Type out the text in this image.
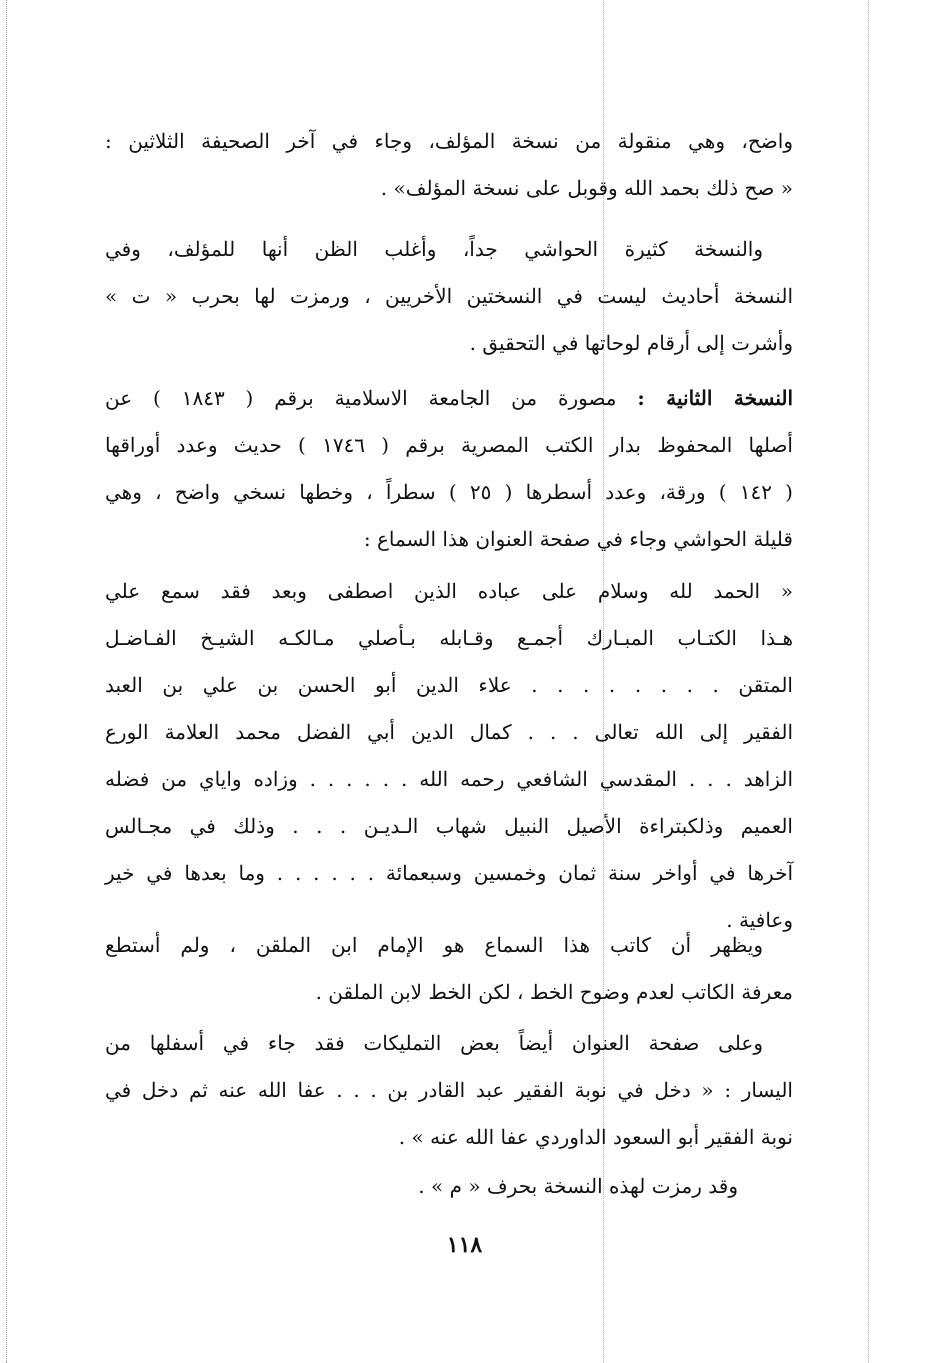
واضح، وهي منقولة من نسخة المؤلف، وجاء في آخر الصحيفة الثلاثين :
« صح ذلك بحمد الله وقوبل على نسخة المؤلف» .

والنسخة كثيرة الحواشي جداً، وأغلب الظن أنها للمؤلف، وفي
النسخة أحاديث ليست في النسختين الأخريين ، ورمزت لها بحرب « ت »
وأشرت إلى أرقام لوحاتها في التحقيق .

النسخة الثانية : مصورة من الجامعة الاسلامية برقم ( ١٨٤٣ ) عن
أصلها المحفوظ بدار الكتب المصرية برقم ( ١٧٤٦ ) حديث وعدد أوراقها
( ١٤٢ ) ورقة، وعدد أسطرها ( ٢٥ ) سطراً ، وخطها نسخي واضح ، وهي
قليلة الحواشي وجاء في صفحة العنوان هذا السماع :

« الحمد لله وسلام على عباده الذين اصطفى وبعد فقد سمع علي
هـذا الكتـاب المبـارك أجمـع وقـابله بـأصلي مـالكـه الشيـخ الفـاضـل
المتقن . . . . . . . . علاء الدين أبو الحسن بن علي بن العبد
الفقير إلى الله تعالى . . . كمال الدين أبي الفضل محمد العلامة الورع
الزاهد . . . المقدسي الشافعي رحمه الله . . . . . . وزاده واياي من فضله
العميم وذلكبتراءة الأصيل النبيل شهاب الـديـن . . . وذلك في مجـالس
آخرها في أواخر سنة ثمان وخمسين وسبعمائة . . . . . . وما بعدها في خير
وعافية .

ويظهر أن كاتب هذا السماع هو الإمام ابن الملقن ، ولم أستطع
معرفة الكاتب لعدم وضوح الخط ، لكن الخط لابن الملقن .

وعلى صفحة العنوان أيضاً بعض التمليكات فقد جاء في أسفلها من
اليسار : « دخل في نوبة الفقير عبد القادر بن . . . عفا الله عنه ثم دخل في
نوبة الفقير أبو السعود الداوردي عفا الله عنه » .

وقد رمزت لهذه النسخة بحرف « م » .

١١٨
